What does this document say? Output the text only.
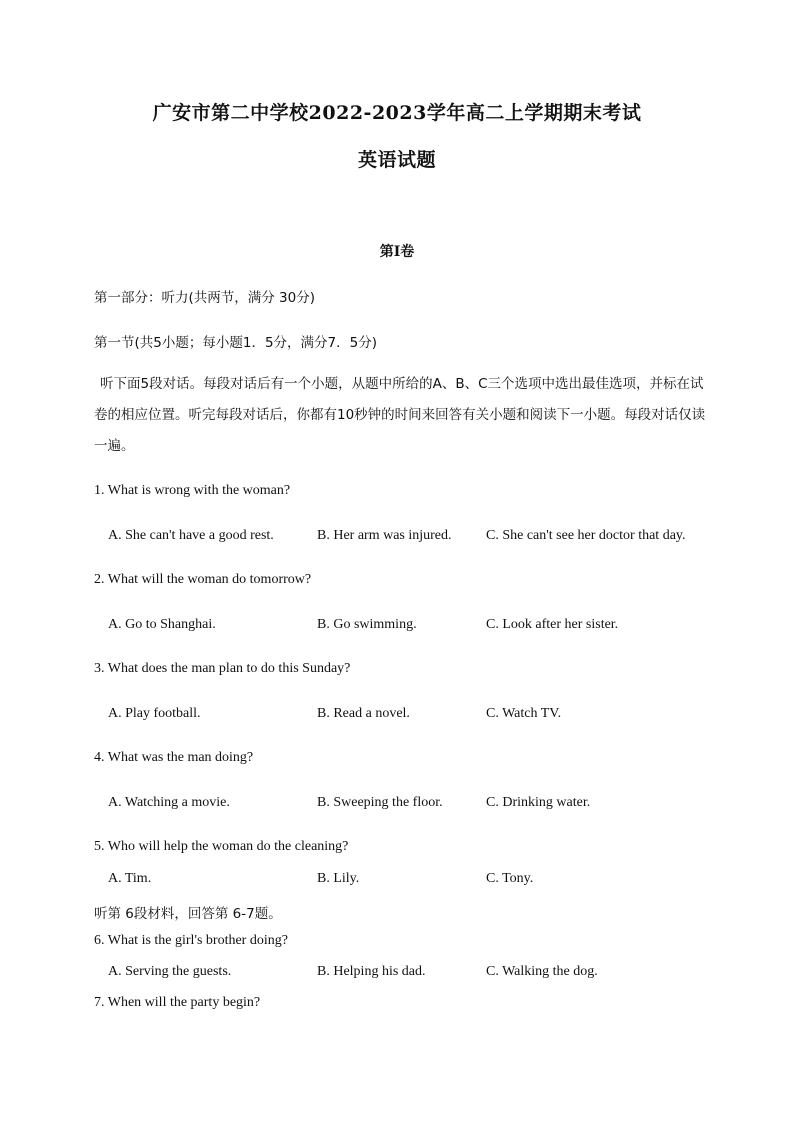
广安市第二中学校2022-2023学年高二上学期期末考试
英语试题
第I卷
第一部分：听力(共两节，满分 30分)
第一节(共5小题；每小题1．5分，满分7．5分)
听下面5段对话。每段对话后有一个小题，从题中所给的A、B、C三个选项中选出最佳选项，并标在试卷的相应位置。听完每段对话后，你都有10秒钟的时间来回答有关小题和阅读下一小题。每段对话仅读一遍。
1. What is wrong with the woman?
A. She can't have a good rest.	B. Her arm was injured. C. She can't see her doctor that day.
2. What will the woman do tomorrow?
A. Go to Shanghai.	B. Go swimming.	C. Look after her sister.
3. What does the man plan to do this Sunday?
A. Play football.	B. Read a novel.	C. Watch TV.
4. What was the man doing?
A. Watching a movie.	B. Sweeping the floor.	C. Drinking water.
5. Who will help the woman do the cleaning?
A. Tim.	B. Lily.	C. Tony.
听第 6段材料，回答第 6-7题。
6. What is the girl's brother doing?
A. Serving the guests.	B. Helping his dad.	C. Walking the dog.
7. When will the party begin?
